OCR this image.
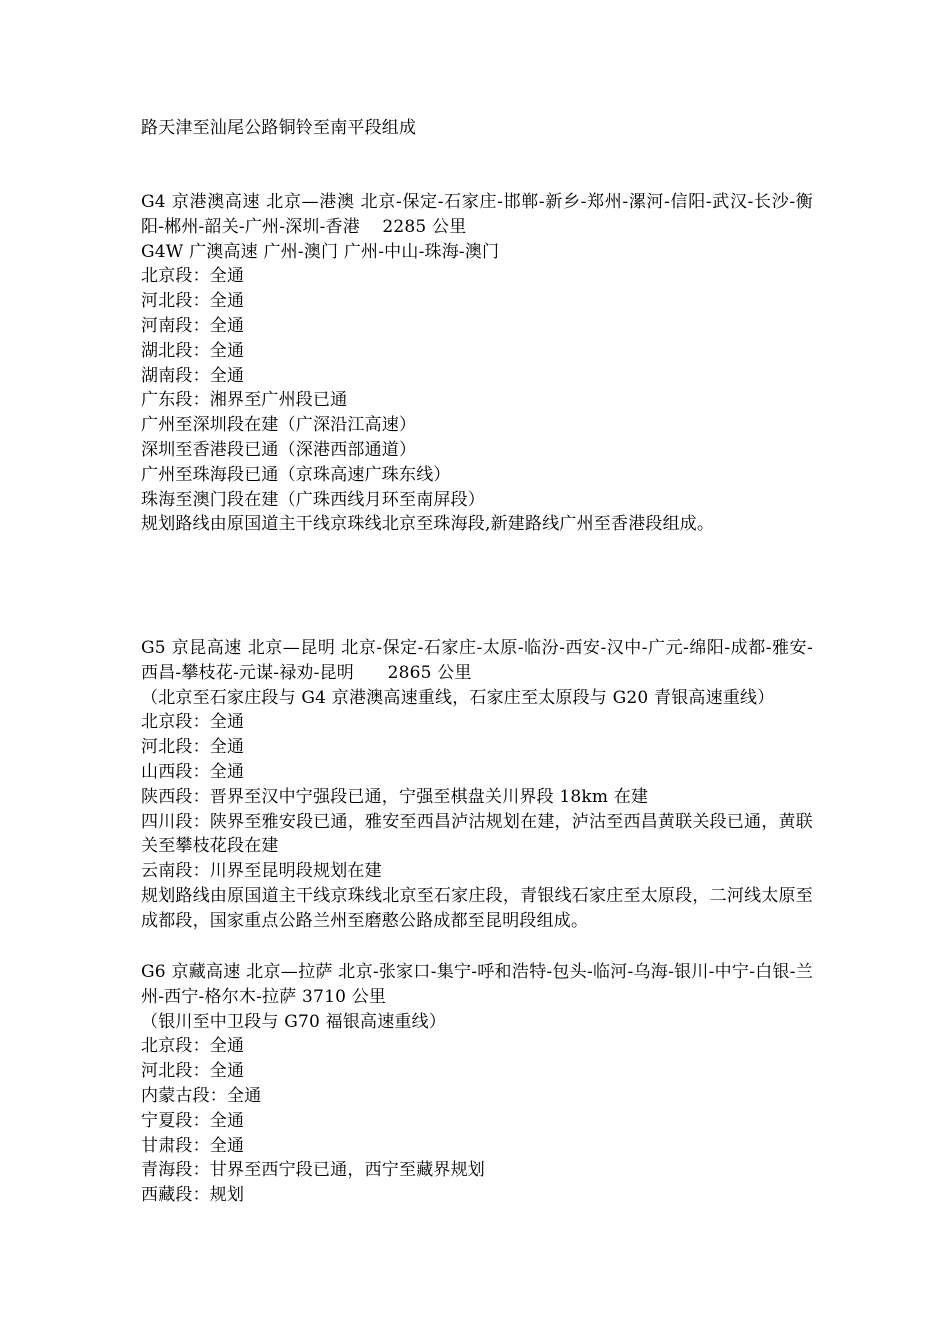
路天津至汕尾公路铜铃至南平段组成

G4 京港澳高速 北京—港澳 北京-保定-石家庄-邯郸-新乡-郑州-漯河-信阳-武汉-长沙-衡阳-郴州-韶关-广州-深圳-香港    2285 公里

G4W 广澳高速 广州-澳门 广州-中山-珠海-澳门

北京段：全通

河北段：全通

河南段：全通

湖北段：全通

湖南段：全通

广东段：湘界至广州段已通

广州至深圳段在建（广深沿江高速）

深圳至香港段已通（深港西部通道）

广州至珠海段已通（京珠高速广珠东线）

珠海至澳门段在建（广珠西线月环至南屏段）

规划路线由原国道主干线京珠线北京至珠海段,新建路线广州至香港段组成。

G5 京昆高速 北京—昆明 北京-保定-石家庄-太原-临汾-西安-汉中-广元-绵阳-成都-雅安-西昌-攀枝花-元谋-禄劝-昆明      2865 公里

（北京至石家庄段与 G4 京港澳高速重线，石家庄至太原段与 G20 青银高速重线）

北京段：全通

河北段：全通

山西段：全通

陕西段：晋界至汉中宁强段已通，宁强至棋盘关川界段 18km 在建

四川段：陕界至雅安段已通，雅安至西昌泸沽规划在建，泸沽至西昌黄联关段已通，黄联关至攀枝花段在建

云南段：川界至昆明段规划在建

规划路线由原国道主干线京珠线北京至石家庄段，青银线石家庄至太原段，二河线太原至成都段，国家重点公路兰州至磨憨公路成都至昆明段组成。

G6 京藏高速 北京—拉萨 北京-张家口-集宁-呼和浩特-包头-临河-乌海-银川-中宁-白银-兰州-西宁-格尔木-拉萨 3710 公里

（银川至中卫段与 G70 福银高速重线）

北京段：全通

河北段：全通

内蒙古段：全通

宁夏段：全通

甘肃段：全通

青海段：甘界至西宁段已通，西宁至藏界规划

西藏段：规划
